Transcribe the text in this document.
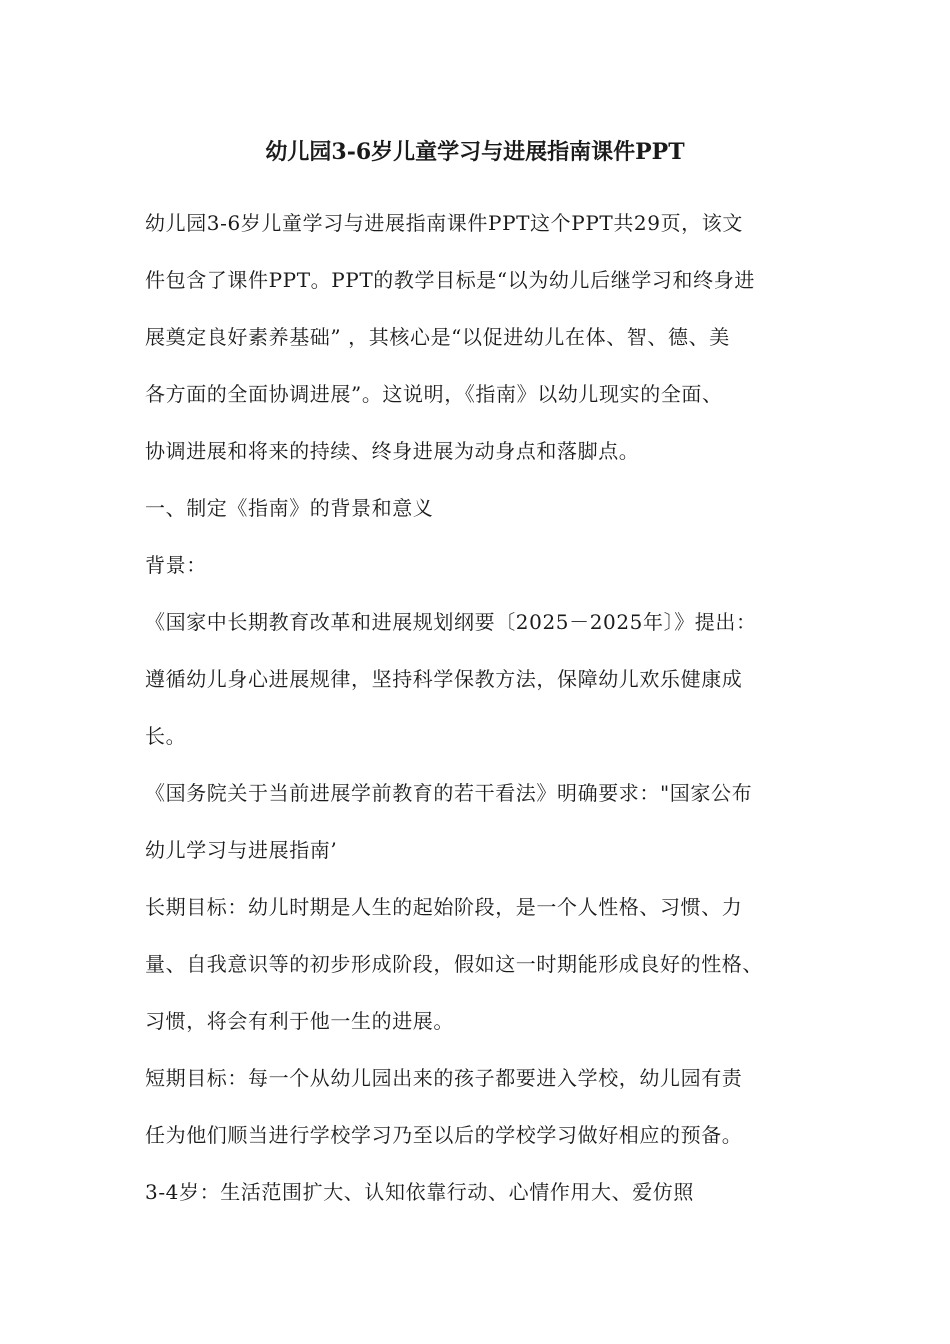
幼儿园3-6岁儿童学习与进展指南课件PPT

幼儿园3-6岁儿童学习与进展指南课件PPT这个PPT共29页，该文

件包含了课件PPT。PPT的教学目标是“以为幼儿后继学习和终身进

展奠定良好素养基础” ，其核心是“以促进幼儿在体、智、德、美

各方面的全面协调进展”。这说明，《指南》以幼儿现实的全面、

协调进展和将来的持续、终身进展为动身点和落脚点。

一、制定《指南》的背景和意义

背景：

《国家中长期教育改革和进展规划纲要〔2025－2025年〕》提出：

遵循幼儿身心进展规律，坚持科学保教方法，保障幼儿欢乐健康成

长。

《国务院关于当前进展学前教育的若干看法》明确要求："国家公布

幼儿学习与进展指南’

长期目标：幼儿时期是人生的起始阶段，是一个人性格、习惯、力

量、自我意识等的初步形成阶段，假如这一时期能形成良好的性格、

习惯，将会有利于他一生的进展。

短期目标：每一个从幼儿园出来的孩子都要进入学校，幼儿园有责

任为他们顺当进行学校学习乃至以后的学校学习做好相应的预备。

3-4岁：生活范围扩大、认知依靠行动、心情作用大、爱仿照
